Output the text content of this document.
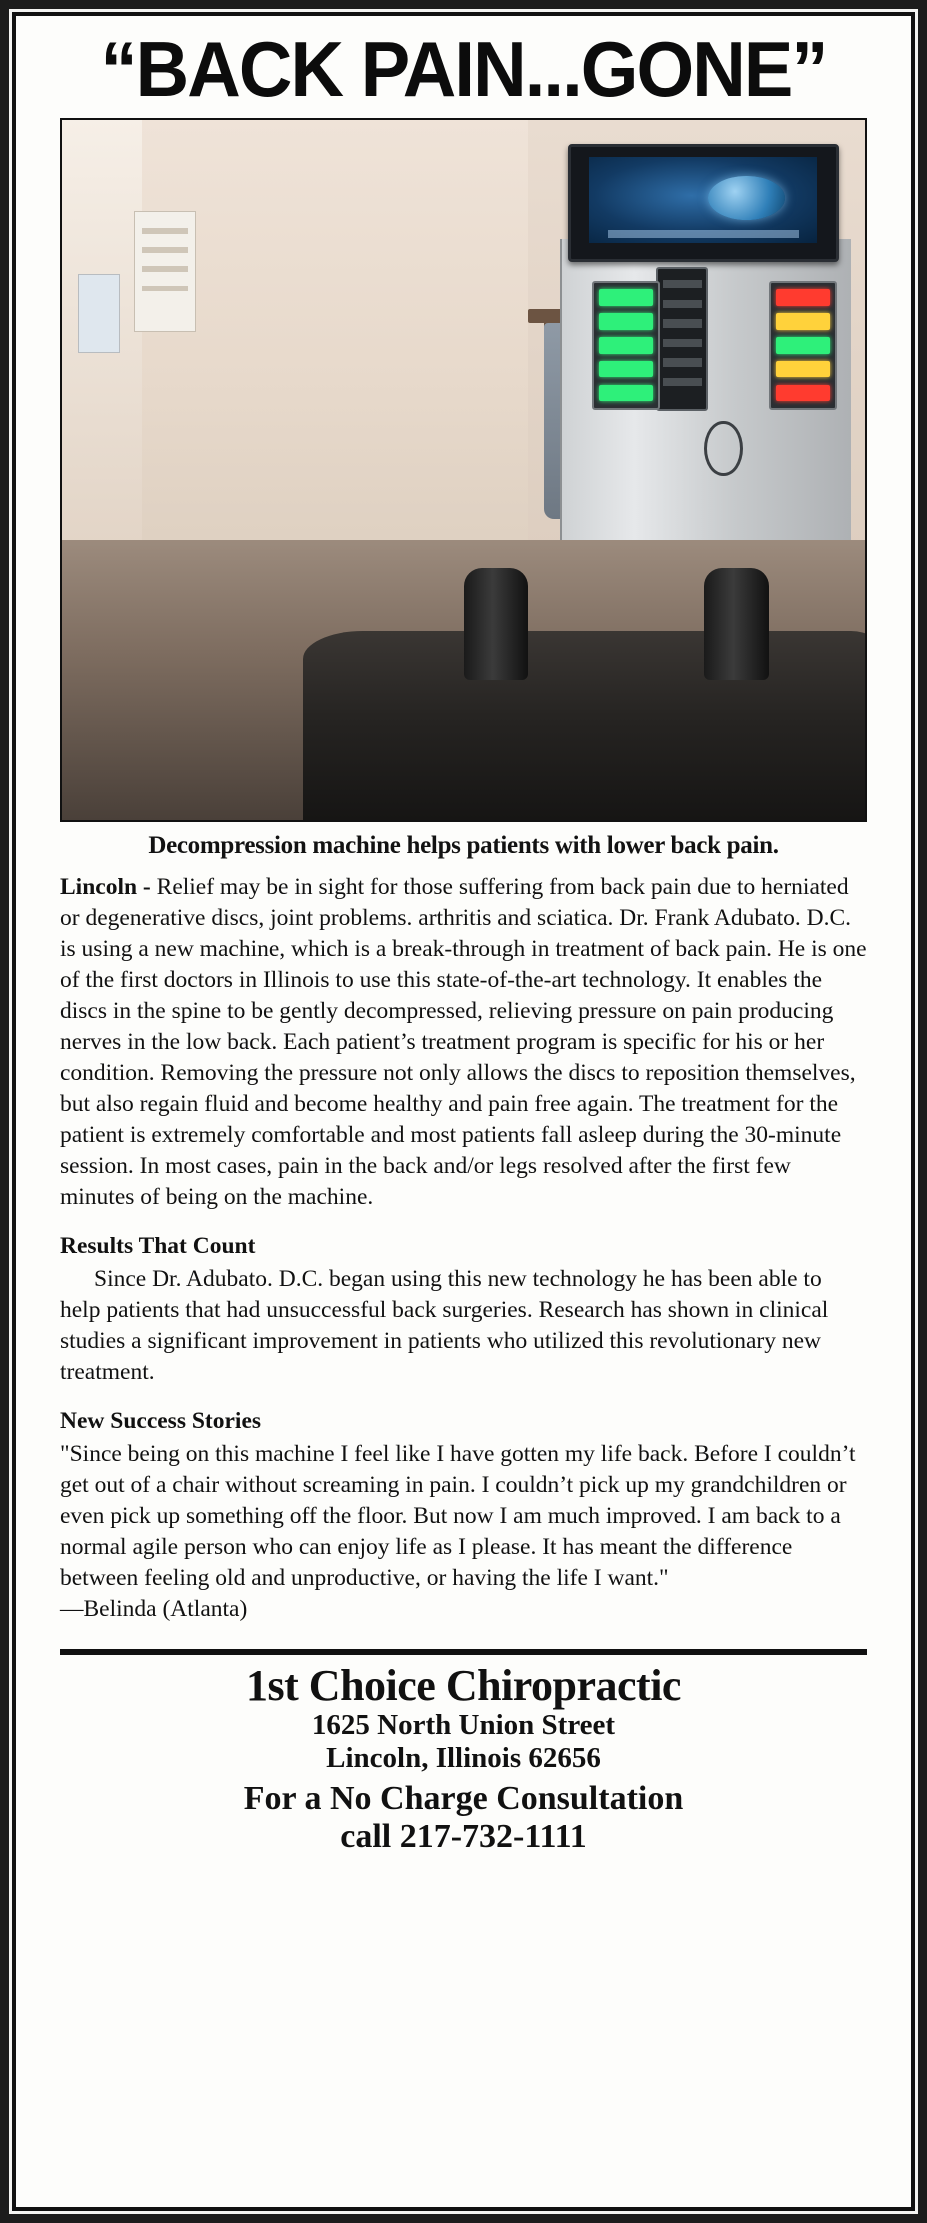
“BACK PAIN...GONE”
Decompression machine helps patients with lower back pain.

Lincoln - Relief may be in sight for those suffering from back pain due to herniated or degenerative discs, joint problems. arthritis and sciatica. Dr. Frank Adubato. D.C. is using a new machine, which is a break-through in treatment of back pain. He is one of the first doctors in Illinois to use this state-of-the-art technology. It enables the discs in the spine to be gently decompressed, relieving pressure on pain producing nerves in the low back. Each patient’s treatment program is specific for his or her condition. Removing the pressure not only allows the discs to reposition themselves, but also regain fluid and become healthy and pain free again. The treatment for the patient is extremely comfortable and most patients fall asleep during the 30-minute session. In most cases, pain in the back and/or legs resolved after the first few minutes of being on the machine.

Results That Count

Since Dr. Adubato. D.C. began using this new technology he has been able to help patients that had unsuccessful back surgeries. Research has shown in clinical studies a significant improvement in patients who utilized this revolutionary new treatment.

New Success Stories

"Since being on this machine I feel like I have gotten my life back. Before I couldn’t get out of a chair without screaming in pain. I couldn’t pick up my grandchildren or even pick up something off the floor. But now I am much improved. I am back to a normal agile person who can enjoy life as I please. It has meant the difference between feeling old and unproductive, or having the life I want."

—Belinda (Atlanta)

1st Choice Chiropractic
1625 North Union Street
Lincoln, Illinois 62656
For a No Charge Consultation
call 217-732-1111
